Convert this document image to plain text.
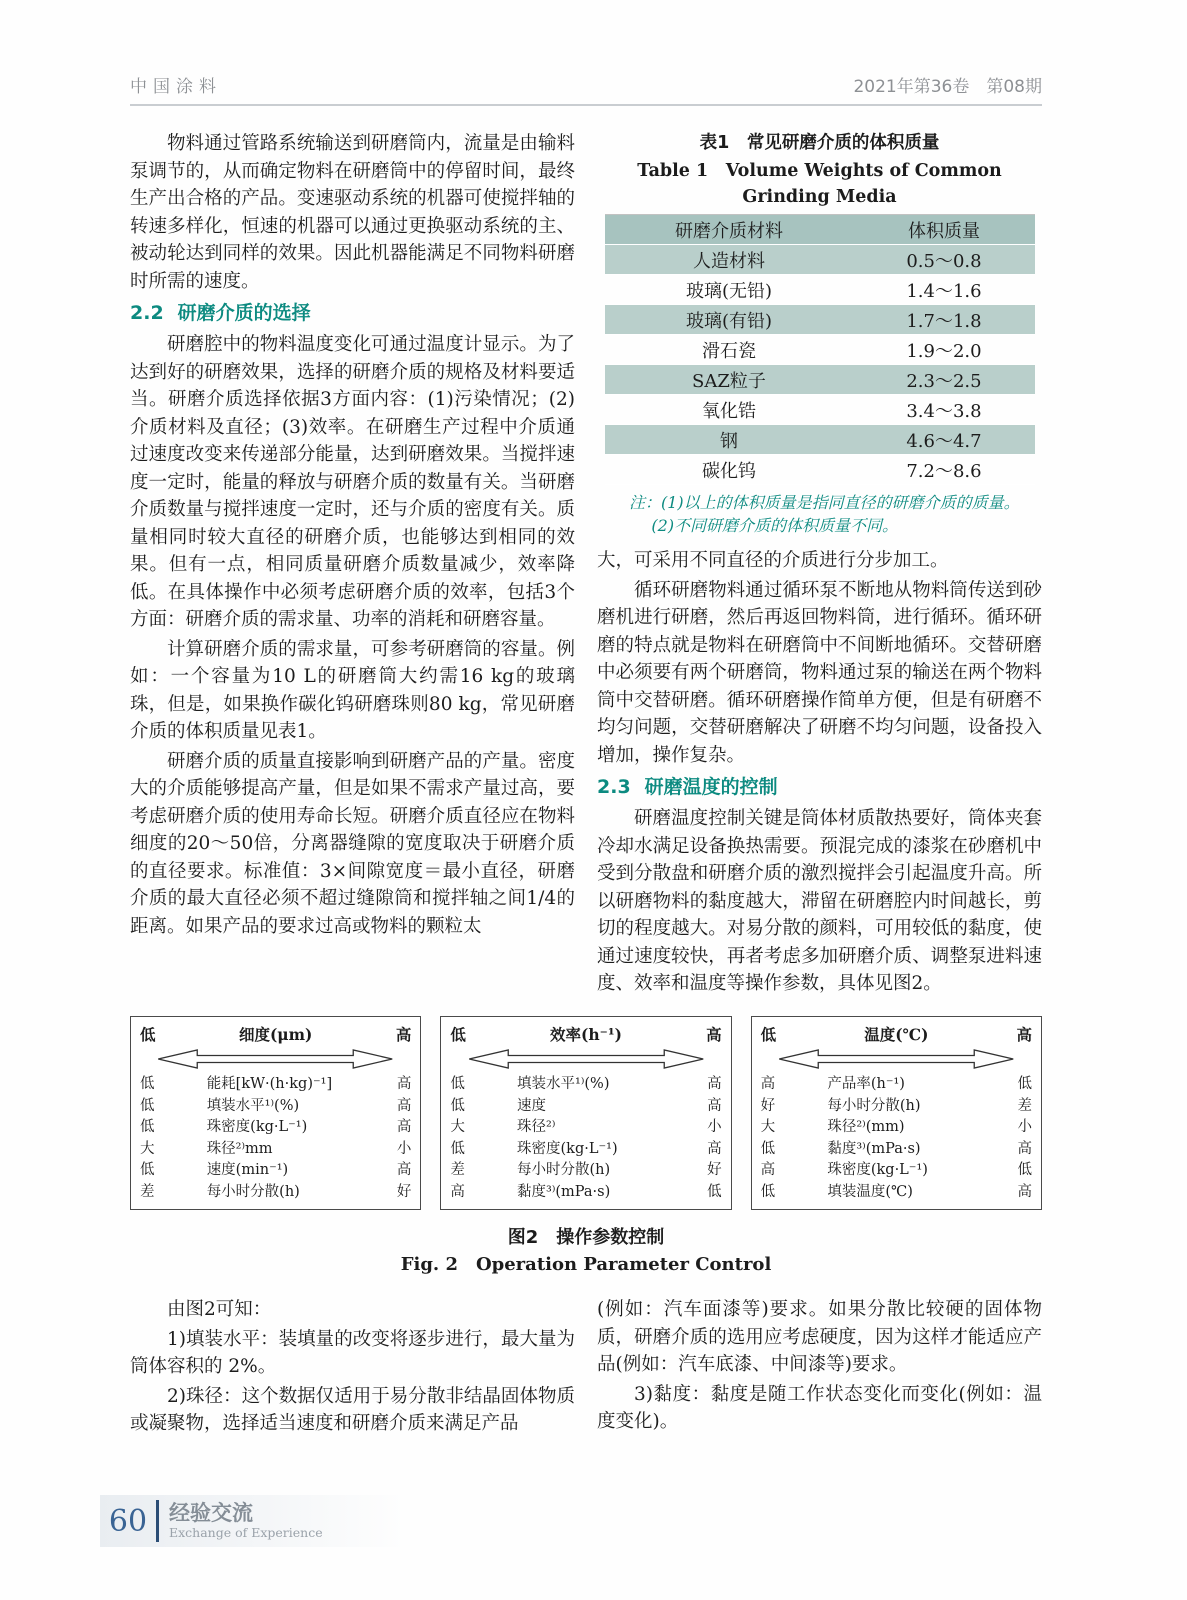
中国涂料	2021年第36卷　第08期

物料通过管路系统输送到研磨筒内，流量是由输料泵调节的，从而确定物料在研磨筒中的停留时间，最终生产出合格的产品。变速驱动系统的机器可使搅拌轴的转速多样化，恒速的机器可以通过更换驱动系统的主、被动轮达到同样的效果。因此机器能满足不同物料研磨时所需的速度。

2.2 研磨介质的选择

研磨腔中的物料温度变化可通过温度计显示。为了达到好的研磨效果，选择的研磨介质的规格及材料要适当。研磨介质选择依据3方面内容：(1)污染情况；(2)介质材料及直径；(3)效率。在研磨生产过程中介质通过速度改变来传递部分能量，达到研磨效果。当搅拌速度一定时，能量的释放与研磨介质的数量有关。当研磨介质数量与搅拌速度一定时，还与介质的密度有关。质量相同时较大直径的研磨介质，也能够达到相同的效果。但有一点，相同质量研磨介质数量减少，效率降低。在具体操作中必须考虑研磨介质的效率，包括3个方面：研磨介质的需求量、功率的消耗和研磨容量。

计算研磨介质的需求量，可参考研磨筒的容量。例如：一个容量为10 L的研磨筒大约需16 kg的玻璃珠，但是，如果换作碳化钨研磨珠则80 kg，常见研磨介质的体积质量见表1。

研磨介质的质量直接影响到研磨产品的产量。密度大的介质能够提高产量，但是如果不需求产量过高，要考虑研磨介质的使用寿命长短。研磨介质直径应在物料细度的20～50倍，分离器缝隙的宽度取决于研磨介质的直径要求。标准值：3×间隙宽度＝最小直径，研磨介质的最大直径必须不超过缝隙筒和搅拌轴之间1/4的距离。如果产品的要求过高或物料的颗粒太

表1　常见研磨介质的体积质量

Table 1　Volume Weights of Common Grinding Media

研磨介质材料	体积质量
人造材料	0.5～0.8
玻璃(无铅)	1.4～1.6
玻璃(有铅)	1.7～1.8
滑石瓷	1.9～2.0
SAZ粒子	2.3～2.5
氧化锆	3.4～3.8
钢	4.6～4.7
碳化钨	7.2～8.6

注：(1)以上的体积质量是指同直径的研磨介质的质量。

(2)不同研磨介质的体积质量不同。

大，可采用不同直径的介质进行分步加工。

循环研磨物料通过循环泵不断地从物料筒传送到砂磨机进行研磨，然后再返回物料筒，进行循环。循环研磨的特点就是物料在研磨筒中不间断地循环。交替研磨中必须要有两个研磨筒，物料通过泵的输送在两个物料筒中交替研磨。循环研磨操作简单方便，但是有研磨不均匀问题，交替研磨解决了研磨不均匀问题，设备投入增加，操作复杂。

2.3 研磨温度的控制

研磨温度控制关键是筒体材质散热要好，筒体夹套冷却水满足设备换热需要。预混完成的漆浆在砂磨机中受到分散盘和研磨介质的激烈搅拌会引起温度升高。所以研磨物料的黏度越大，滞留在研磨腔内时间越长，剪切的程度越大。对易分散的颜料，可用较低的黏度，使通过速度较快，再者考虑多加研磨介质、调整泵进料速度、效率和温度等操作参数，具体见图2。

低	细度(μm)	高
低	能耗[kW·(h·kg)⁻¹]	高
低	填装水平¹⁾(%)	高
低	珠密度(kg·L⁻¹)	高
大	珠径²⁾mm	小
低	速度(min⁻¹)	高
差	每小时分散(h)	好
低	效率(h⁻¹)	高
低	填装水平¹⁾(%)	高
低	速度	高
大	珠径²⁾	小
低	珠密度(kg·L⁻¹)	高
差	每小时分散(h)	好
高	黏度³⁾(mPa·s)	低
低	温度(℃)	高
高	产品率(h⁻¹)	低
好	每小时分散(h)	差
大	珠径²⁾(mm)	小
低	黏度³⁾(mPa·s)	高
高	珠密度(kg·L⁻¹)	低
低	填装温度(℃)	高

图2　操作参数控制

Fig. 2　Operation Parameter Control

由图2可知：

1)填装水平：装填量的改变将逐步进行，最大量为筒体容积的 2%。

2)珠径：这个数据仅适用于易分散非结晶固体物质或凝聚物，选择适当速度和研磨介质来满足产品

(例如：汽车面漆等)要求。如果分散比较硬的固体物质，研磨介质的选用应考虑硬度，因为这样才能适应产品(例如：汽车底漆、中间漆等)要求。

3)黏度：黏度是随工作状态变化而变化(例如：温度变化)。

60	经验交流
Exchange of Experience
